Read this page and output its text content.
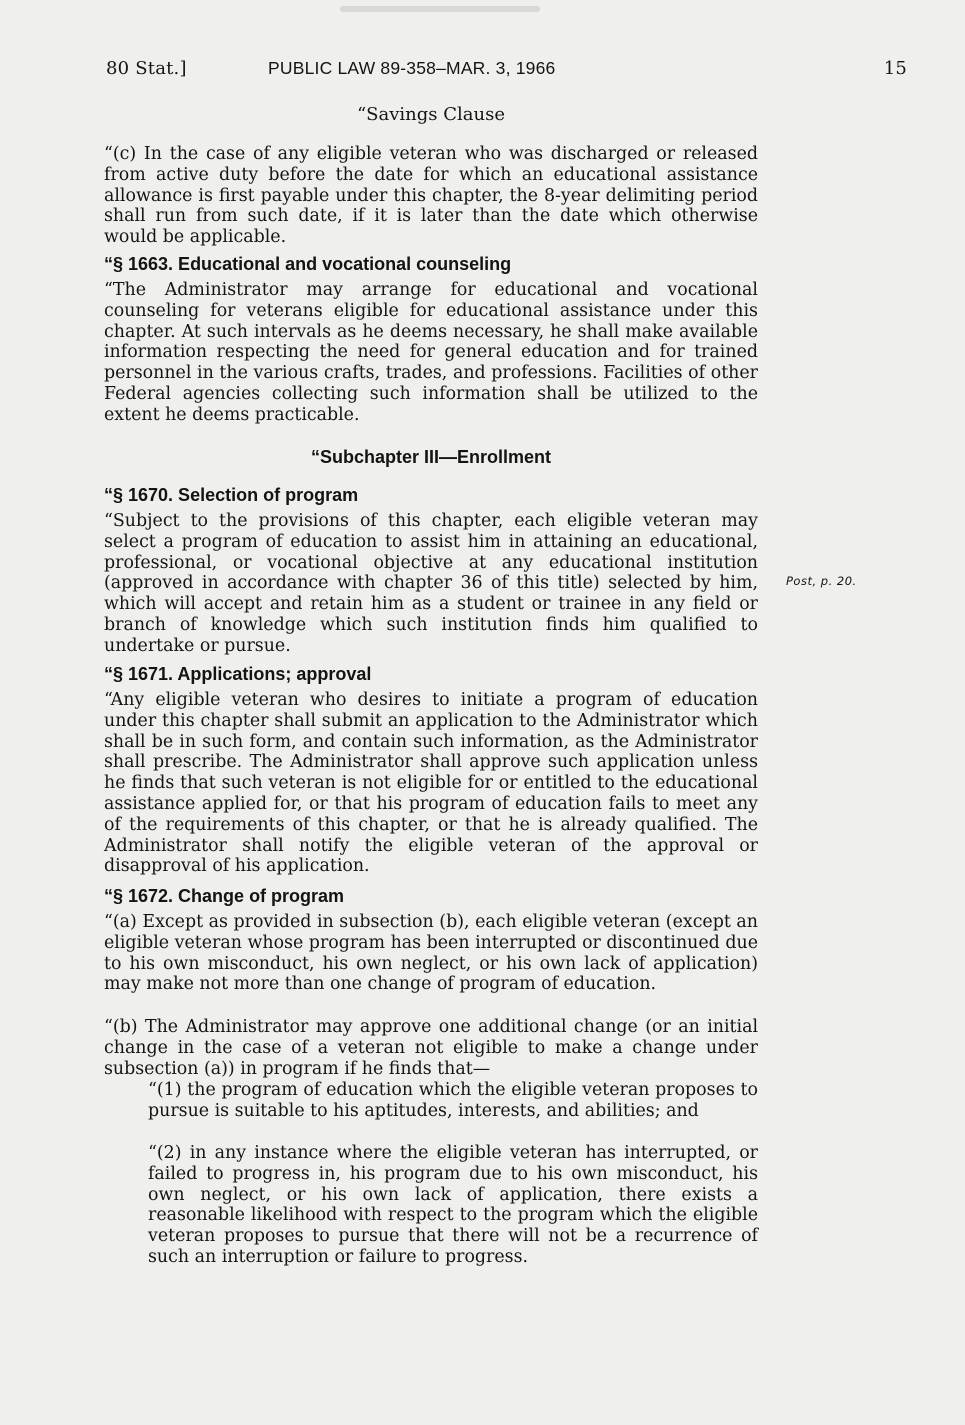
80 Stat.]	PUBLIC LAW 89-358–MAR. 3, 1966	15

“Savings Clause

“(c) In the case of any eligible veteran who was discharged or released from active duty before the date for which an educational assistance allowance is first payable under this chapter, the 8-year delimiting period shall run from such date, if it is later than the date which otherwise would be applicable.

“§ 1663. Educational and vocational counseling

“The Administrator may arrange for educational and vocational counseling for veterans eligible for educational assistance under this chapter. At such intervals as he deems necessary, he shall make available information respecting the need for general education and for trained personnel in the various crafts, trades, and professions. Facilities of other Federal agencies collecting such information shall be utilized to the extent he deems practicable.

“Subchapter III—Enrollment

“§ 1670. Selection of program

“Subject to the provisions of this chapter, each eligible veteran may select a program of education to assist him in attaining an educational, professional, or vocational objective at any educational institution (approved in accordance with chapter 36 of this title) selected by him, which will accept and retain him as a student or trainee in any field or branch of knowledge which such institution finds him qualified to undertake or pursue.

Post, p. 20.

“§ 1671. Applications; approval

“Any eligible veteran who desires to initiate a program of education under this chapter shall submit an application to the Administrator which shall be in such form, and contain such information, as the Administrator shall prescribe. The Administrator shall approve such application unless he finds that such veteran is not eligible for or entitled to the educational assistance applied for, or that his program of education fails to meet any of the requirements of this chapter, or that he is already qualified. The Administrator shall notify the eligible veteran of the approval or disapproval of his application.

“§ 1672. Change of program

“(a) Except as provided in subsection (b), each eligible veteran (except an eligible veteran whose program has been interrupted or discontinued due to his own misconduct, his own neglect, or his own lack of application) may make not more than one change of program of education.

“(b) The Administrator may approve one additional change (or an initial change in the case of a veteran not eligible to make a change under subsection (a)) in program if he finds that—

“(1) the program of education which the eligible veteran proposes to pursue is suitable to his aptitudes, interests, and abilities; and

“(2) in any instance where the eligible veteran has interrupted, or failed to progress in, his program due to his own misconduct, his own neglect, or his own lack of application, there exists a reasonable likelihood with respect to the program which the eligible veteran proposes to pursue that there will not be a recurrence of such an interruption or failure to progress.
